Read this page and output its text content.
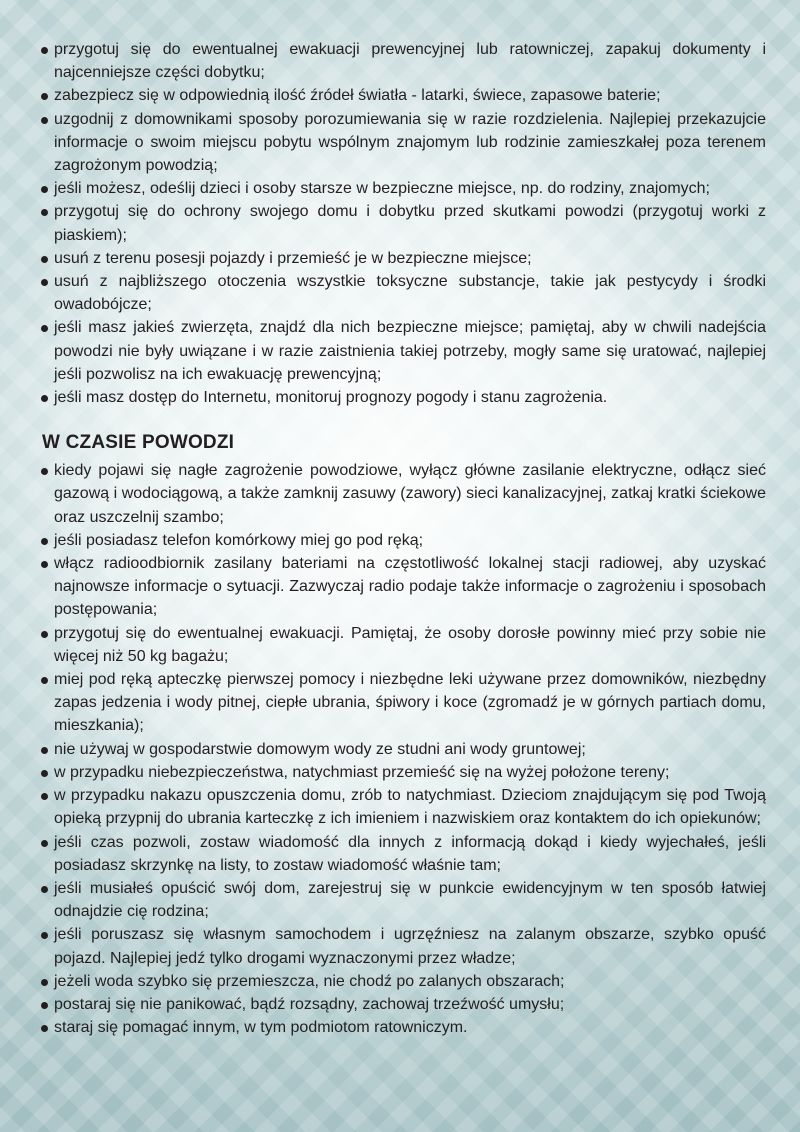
przygotuj się do ewentualnej ewakuacji prewencyjnej lub ratowniczej, zapakuj dokumenty i najcenniejsze części dobytku;
zabezpiecz się w odpowiednią ilość źródeł światła - latarki, świece, zapasowe baterie;
uzgodnij z domownikami sposoby porozumiewania się w razie rozdzielenia. Najlepiej przekazujcie informacje o swoim miejscu pobytu wspólnym znajomym lub rodzinie zamieszkałej poza terenem zagrożonym powodzią;
jeśli możesz, odeślij dzieci i osoby starsze w bezpieczne miejsce, np. do rodziny, znajomych;
przygotuj się do ochrony swojego domu i dobytku przed skutkami powodzi (przygotuj worki z piaskiem);
usuń z terenu posesji pojazdy i przemieść je w bezpieczne miejsce;
usuń z najbliższego otoczenia wszystkie toksyczne substancje, takie jak pestycydy i środki owadobójcze;
jeśli masz jakieś zwierzęta, znajdź dla nich bezpieczne miejsce; pamiętaj, aby w chwili nadejścia powodzi nie były uwiązane i w razie zaistnienia takiej potrzeby, mogły same się uratować, najlepiej jeśli pozwolisz na ich ewakuację prewencyjną;
jeśli masz dostęp do Internetu, monitoruj prognozy pogody i stanu zagrożenia.
W CZASIE POWODZI
kiedy pojawi się nagłe zagrożenie powodziowe, wyłącz główne zasilanie elektryczne, odłącz sieć gazową i wodociągową, a także zamknij zasuwy (zawory) sieci kanalizacyjnej, zatkaj kratki ściekowe oraz uszczelnij szambo;
jeśli posiadasz telefon komórkowy miej go pod ręką;
włącz radioodbiornik zasilany bateriami na częstotliwość lokalnej stacji radiowej, aby uzyskać najnowsze informacje o sytuacji. Zazwyczaj radio podaje także informacje o zagrożeniu i sposobach postępowania;
przygotuj się do ewentualnej ewakuacji. Pamiętaj, że osoby dorosłe powinny mieć przy sobie nie więcej niż 50 kg bagażu;
miej pod ręką apteczkę pierwszej pomocy i niezbędne leki używane przez domowników, niezbędny zapas jedzenia i wody pitnej, ciepłe ubrania, śpiwory i koce (zgromadź je w górnych partiach domu, mieszkania);
nie używaj w gospodarstwie domowym wody ze studni ani wody gruntowej;
w przypadku niebezpieczeństwa, natychmiast przemieść się na wyżej położone tereny;
w przypadku nakazu opuszczenia domu, zrób to natychmiast. Dzieciom znajdującym się pod Twoją opieką przypnij do ubrania karteczkę z ich imieniem i nazwiskiem oraz kontaktem do ich opiekunów;
jeśli czas pozwoli, zostaw wiadomość dla innych z informacją dokąd i kiedy wyjechałeś, jeśli posiadasz skrzynkę na listy, to zostaw wiadomość właśnie tam;
jeśli musiałeś opuścić swój dom, zarejestruj się w punkcie ewidencyjnym w ten sposób łatwiej odnajdzie cię rodzina;
jeśli poruszasz się własnym samochodem i ugrzęźniesz na zalanym obszarze, szybko opuść pojazd. Najlepiej jedź tylko drogami wyznaczonymi przez władze;
jeżeli woda szybko się przemieszcza, nie chodź po zalanych obszarach;
postaraj się nie panikować, bądź rozsądny, zachowaj trzeźwość umysłu;
staraj się pomagać innym, w tym podmiotom ratowniczym.
